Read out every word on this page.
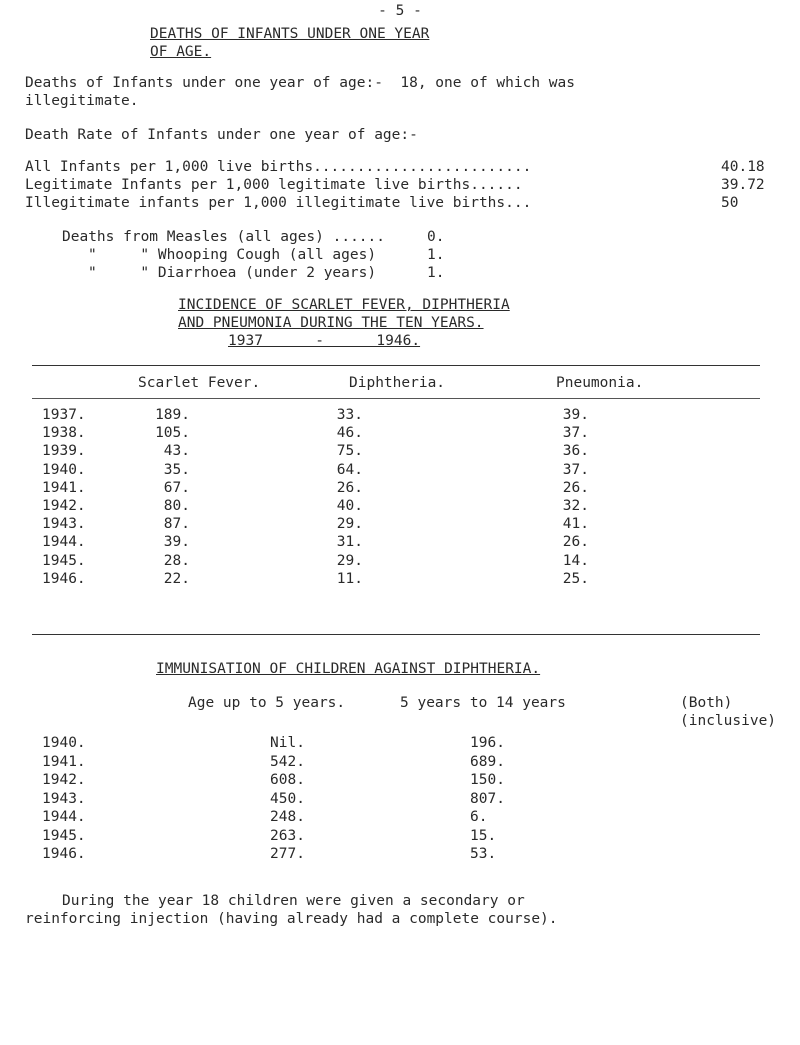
- 5 -
DEATHS OF INFANTS UNDER ONE YEAR
OF AGE.
Deaths of Infants under one year of age:-  18, one of which was
illegitimate.
Death Rate of Infants under one year of age:-
All Infants per 1,000 live births.........................	40.18
Legitimate Infants per 1,000 legitimate live births......	39.72
Illegitimate infants per 1,000 illegitimate live births...	50
Deaths from Measles (all ages) ......	0.
"     " Whooping Cough (all ages)	1.
"     " Diarrhoea (under 2 years)	1.
INCIDENCE OF SCARLET FEVER, DIPHTHERIA
AND PNEUMONIA DURING THE TEN YEARS.
1937      -      1946.
Scarlet Fever.	Diphtheria.	Pneumonia.
1937.	189.	33.	39.
1938.	105.	46.	37.
1939.	43.	75.	36.
1940.	35.	64.	37.
1941.	67.	26.	26.
1942.	80.	40.	32.
1943.	87.	29.	41.
1944.	39.	31.	26.
1945.	28.	29.	14.
1946.	22.	11.	25.
IMMUNISATION OF CHILDREN AGAINST DIPHTHERIA.
Age up to 5 years.	5 years to 14 years	(Both)
(inclusive)
1940.	Nil.	196.
1941.	542.	689.
1942.	608.	150.
1943.	450.	807.
1944.	248.	6.
1945.	263.	15.
1946.	277.	53.
During the year 18 children were given a secondary or
reinforcing injection (having already had a complete course).
